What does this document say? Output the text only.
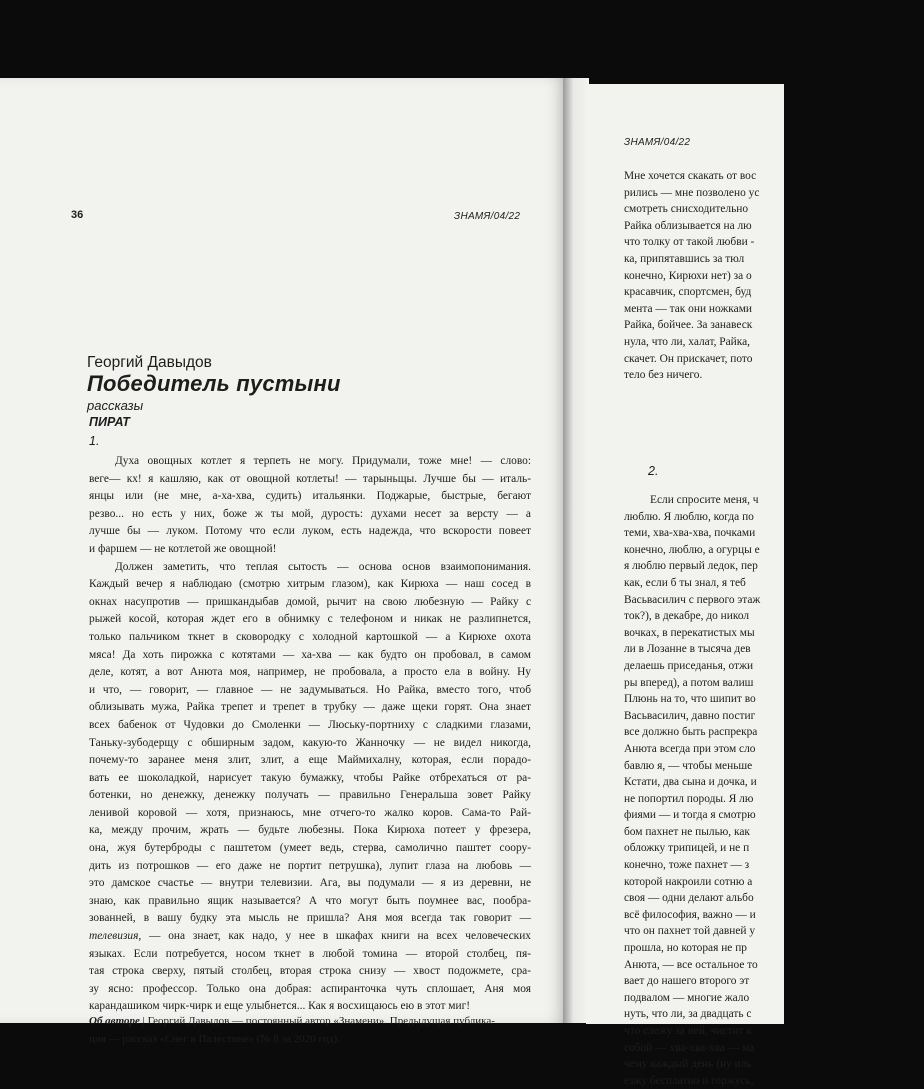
36	ЗНАМЯ/04/22
Георгий Давыдов
Победитель пустыни
рассказы
ПИРАТ
1.
Духа овощных котлет я терпеть не могу. Придумали, тоже мне! — слово:
веге— кх! я кашляю, как от овощной котлеты! — тарыньщы. Лучше бы — италь-
янцы или (не мне, а-ха-хва, судить) итальянки. Поджарые, быстрые, бегают
резво... но есть у них, боже ж ты мой, дурость: духами несет за версту — а
лучше бы — луком. Потому что если луком, есть надежда, что вскорости повеет
и фаршем — не котлетой же овощной!
Должен заметить, что теплая сытость — основа основ взаимопонимания.
Каждый вечер я наблюдаю (смотрю хитрым глазом), как Кирюха — наш сосед в
окнах насупротив — пришкандыбав домой, рычит на свою любезную — Райку с
рыжей косой, которая ждет его в обнимку с телефоном и никак не разлипнется,
только пальчиком ткнет в сковородку с холодной картошкой — а Кирюхе охота
мяса! Да хоть пирожка с котятами — ха-хва — как будто он пробовал, в самом
деле, котят, а вот Анюта моя, например, не пробовала, а просто ела в войну. Ну
и что, — говорит, — главное — не задумываться. Но Райка, вместо того, чтоб
облизывать мужа, Райка трепет и трепет в трубку — даже щеки горят. Она знает
всех бабенок от Чудовки до Смоленки — Люську-портниху с сладкими глазами,
Таньку-зубодерщу с обширным задом, какую-то Жанночку — не видел никогда,
почему-то заранее меня злит, злит, а еще Маймихалну, которая, если порадо-
вать ее шоколадкой, нарисует такую бумажку, чтобы Райке отбрехаться от ра-
ботенки, но денежку, денежку получать — правильно Генеральша зовет Райку
ленивой коровой — хотя, признаюсь, мне отчего-то жалко коров. Сама-то Рай-
ка, между прочим, жрать — будьте любезны. Пока Кирюха потеет у фрезера,
она, жуя бутерброды с паштетом (умеет ведь, стерва, самолично паштет соору-
дить из потрошков — его даже не портит петрушка), лупит глаза на любовь —
это дамское счастье — внутри телевизии. Ага, вы подумали — я из деревни, не
знаю, как правильно ящик называется? А что могут быть поумнее вас, пообра-
зованней, в вашу будку эта мысль не пришла? Аня моя всегда так говорит —
телевизия, — она знает, как надо, у нее в шкафах книги на всех человеческих
языках. Если потребуется, носом ткнет в любой томина — второй столбец, пя-
тая строка сверху, пятый столбец, вторая строка снизу — хвост подожмете, сра-
зу ясно: профессор. Только она добрая: аспиранточка чуть сплошает, Аня моя
карандашиком чирк-чирк и еще улыбнется... Как я восхищаюсь ею в этот миг!
Об авторе | Георгий Давыдов — постоянный автор «Знамени». Предыдущая публика-
ция — рассказ «Снег в Палестине» (№ 8 за 2020 год).
ЗНАМЯ/04/22
Мне хочется скакать от вос
рились — мне позволено ус
смотреть снисходительно
Райка облизывается на лю
что толку от такой любви -
ка, припятавшись за тюл
конечно, Кирюхи нет) за о
красавчик, спортсмен, буд
мента — так они ножками
Райка, бойчее. За занавеск
нула, что ли, халат, Райка,
скачет. Он прискачет, пото
тело без ничего.
2.
Если спросите меня, ч
люблю. Я люблю, когда по
теми, хва-хва-хва, почками
конечно, люблю, а огурцы е
я люблю первый ледок, пер
как, если б ты знал, я теб
Васьвасилич с первого этаж
ток?), в декабре, до никол
вочках, в перекатистых мы
ли в Лозанне в тысяча дев
делаешь приседанья, отжи
ры вперед), а потом валиш
Плюнь на то, что шипит во
Васьвасилич, давно постиг
все должно быть распрекра
Анюта всегда при этом сло
бавлю я, — чтобы меньше
Кстати, два сына и дочка, и
не попортил породы. Я лю
фиями — и тогда я смотрю
бом пахнет не пылью, как
обложку трипицей, и не п
конечно, тоже пахнет — з
которой накроили сотню а
своя — одни делают альбо
всё философия, важно — и
что он пахнет той давней у
прошла, но которая не пр
Анюта, — все остальное то
вает до нашего второго эт
подвалом — многие жало
нуть, что ли, за двадцать с
что слежу за ней, чистит к
собой — хва-хва-хва — ма
чему каждый день (ну иль
езжу бесплатно и горжусь,
